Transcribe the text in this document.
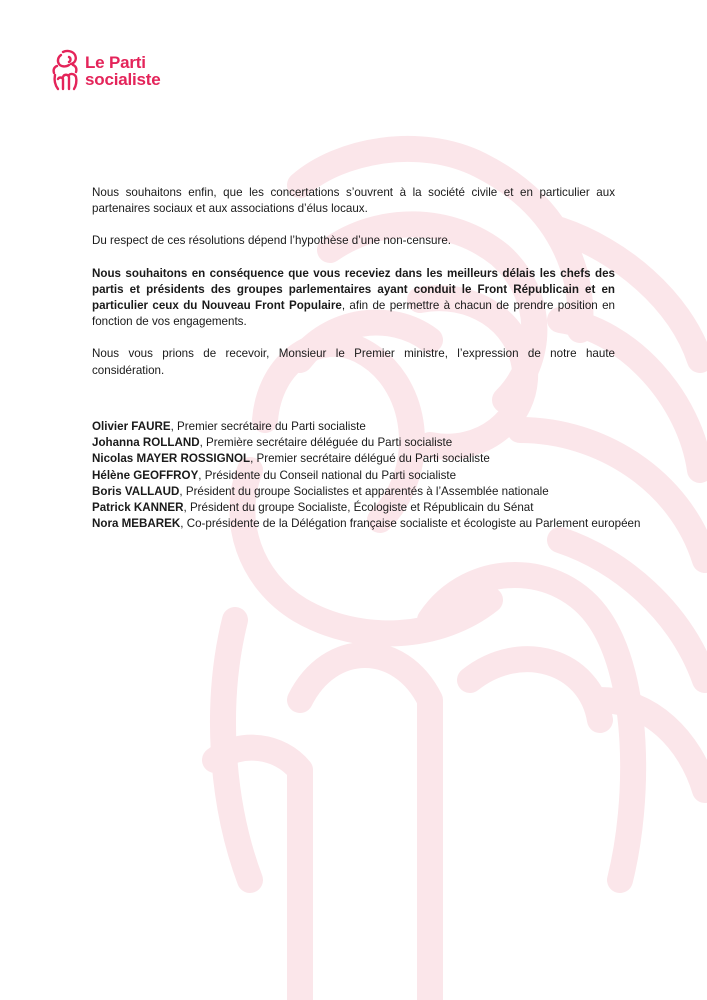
Le Parti
socialiste

Nous souhaitons enfin, que les concertations s’ouvrent à la société civile et en particulier aux partenaires sociaux et aux associations d’élus locaux.

Du respect de ces résolutions dépend l’hypothèse d’une non-censure.

Nous souhaitons en conséquence que vous receviez dans les meilleurs délais les chefs des partis et présidents des groupes parlementaires ayant conduit le Front Républicain et en particulier ceux du Nouveau Front Populaire, afin de permettre à chacun de prendre position en fonction de vos engagements.

Nous vous prions de recevoir, Monsieur le Premier ministre, l’expression de notre haute considération.

Olivier FAURE, Premier secrétaire du Parti socialiste
Johanna ROLLAND, Première secrétaire déléguée du Parti socialiste
Nicolas MAYER ROSSIGNOL, Premier secrétaire délégué du Parti socialiste
Hélène GEOFFROY, Présidente du Conseil national du Parti socialiste
Boris VALLAUD, Président du groupe Socialistes et apparentés à l’Assemblée nationale
Patrick KANNER, Président du groupe Socialiste, Écologiste et Républicain du Sénat
Nora MEBAREK, Co-présidente de la Délégation française socialiste et écologiste au Parlement européen
